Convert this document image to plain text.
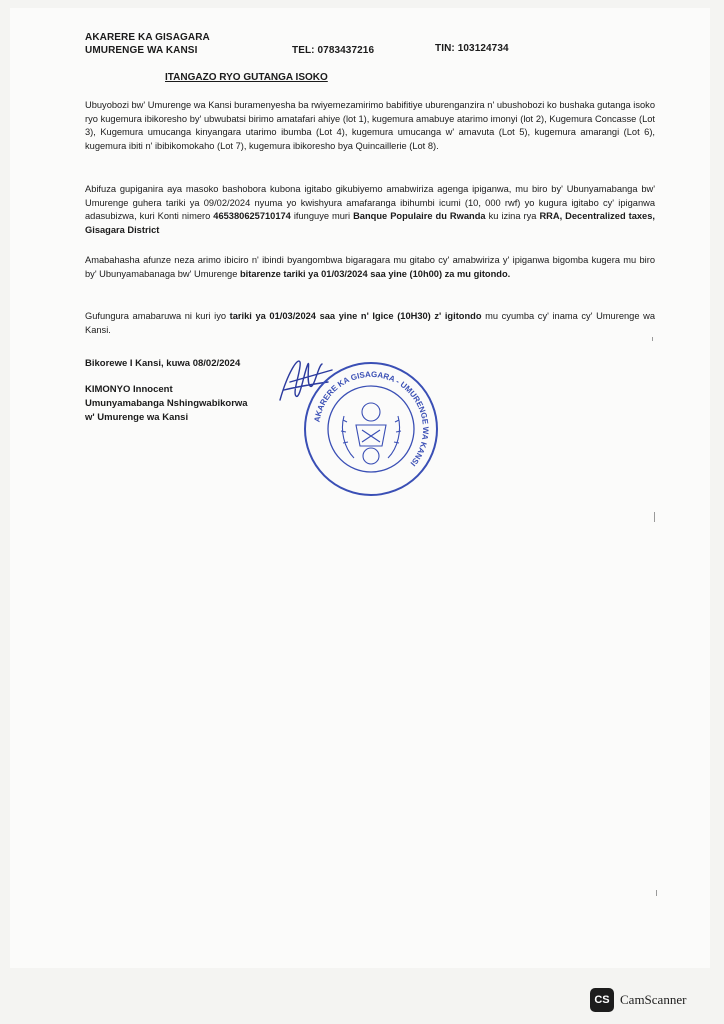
AKARERE KA GISAGARA
UMURENGE WA KANSI	TEL: 0783437216	TIN: 103124734
ITANGAZO RYO GUTANGA ISOKO
Ubuyobozi bw' Umurenge wa Kansi buramenyesha ba rwiyemezamirimo babifitiye uburenganzira n' ubushobozi ko bushaka gutanga isoko ryo kugemura ibikoresho by' ubwubatsi birimo amatafari ahiye (lot 1), kugemura amabuye atarimo imonyi (lot 2), Kugemura Concasse (Lot 3), Kugemura umucanga kinyangara utarimo ibumba (Lot 4), kugemura umucanga w' amavuta (Lot 5), kugemura amarangi (Lot 6), kugemura ibiti n' ibibikomokaho (Lot 7), kugemura ibikoresho bya Quincaillerie (Lot 8).
Abifuza gupiganira aya masoko bashobora kubona igitabo gikubiyemo amabwiriza agenga ipiganwa, mu biro by' Ubunyamabanga bw' Umurenge guhera tariki ya 09/02/2024 nyuma yo kwishyura amafaranga ibihumbi icumi (10, 000 rwf) yo kugura igitabo cy' ipiganwa adasubizwa, kuri Konti nimero 465380625710174 ifunguye muri Banque Populaire du Rwanda ku izina rya RRA, Decentralized taxes, Gisagara District
Amabahasha afunze neza arimo ibiciro n' ibindi byangombwa bigaragara mu gitabo cy' amabwiriza y' ipiganwa bigomba kugera mu biro by' Ubunyamabanaga bw' Umurenge bitarenze tariki ya 01/03/2024 saa yine (10h00) za mu gitondo.
Gufungura amabaruwa ni kuri iyo tariki ya 01/03/2024 saa yine n' Igice (10H30) z' igitondo mu cyumba cy' inama cy' Umurenge wa Kansi.
Bikorewe I Kansi, kuwa 08/02/2024
KIMONYO Innocent
Umunyamabanga Nshingwabikorwa
w' Umurenge wa Kansi	AKARERE KA GISAGARA - UMURENGE WA KANSI
CS CamScanner
